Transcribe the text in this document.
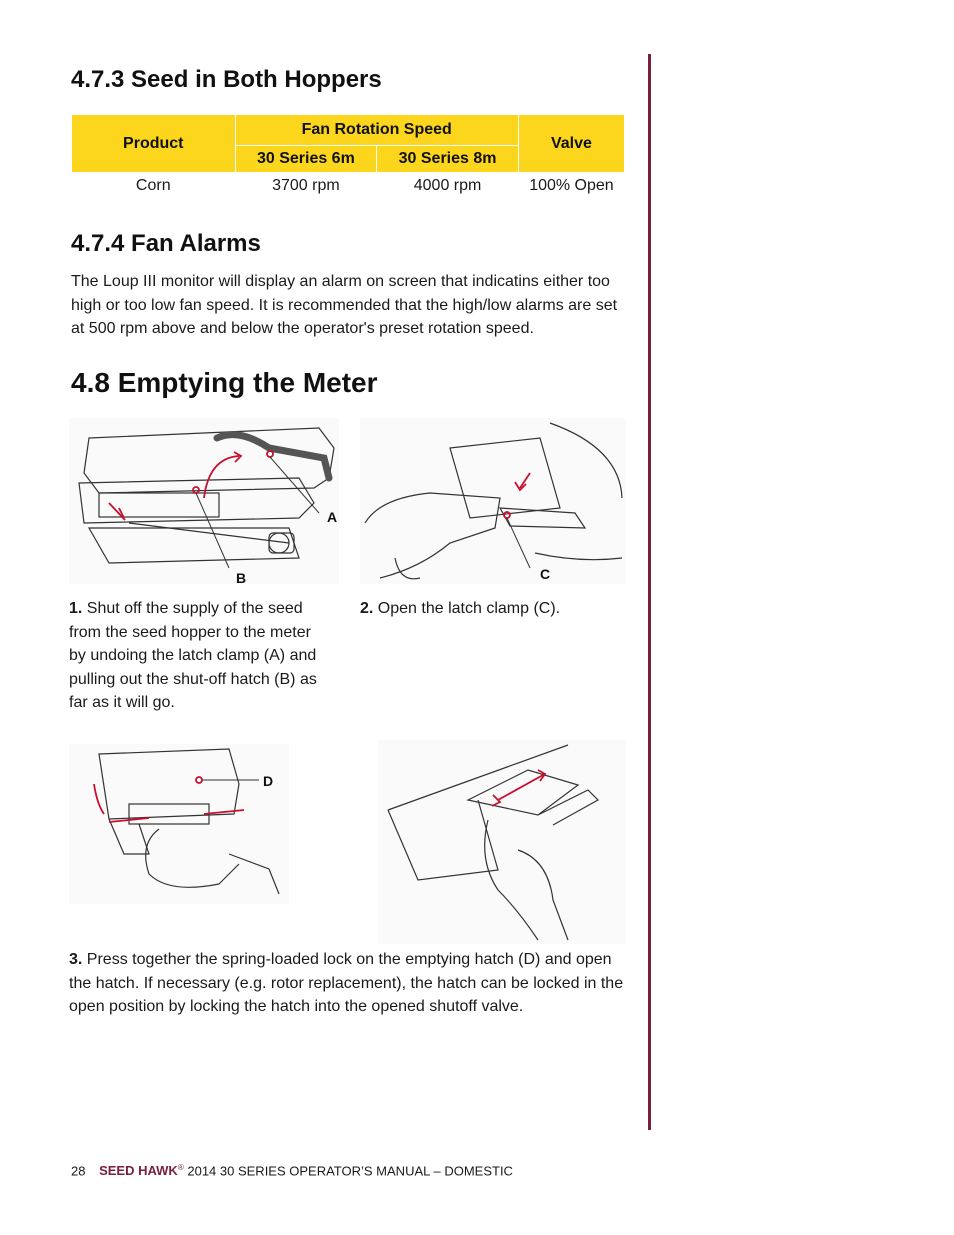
4.7.3 Seed in Both Hoppers
Product	Fan Rotation Speed		Valve
	30 Series 6m	30 Series 8m	
Corn	3700 rpm	4000 rpm	100% Open
4.7.4 Fan Alarms

The Loup III monitor will display an alarm on screen that indicatins either too high or too low fan speed. It is recommended that the high/low alarms are set at 500 rpm above and below the operator's preset rotation speed.

4.8 Emptying the Meter
A
B	C

1. Shut off the supply of the seed from the seed hopper to the meter by undoing the latch clamp (A) and pulling out the shut-off hatch (B) as far as it will go.

2. Open the latch clamp (C).

D

3. Press together the spring-loaded lock on the emptying hatch (D) and open the hatch. If necessary (e.g. rotor replacement), the hatch can be locked in the open position by locking the hatch into the opened shutoff valve.

28 SEED HAWK® 2014 30 SERIES OPERATOR’S MANUAL – DOMESTIC
